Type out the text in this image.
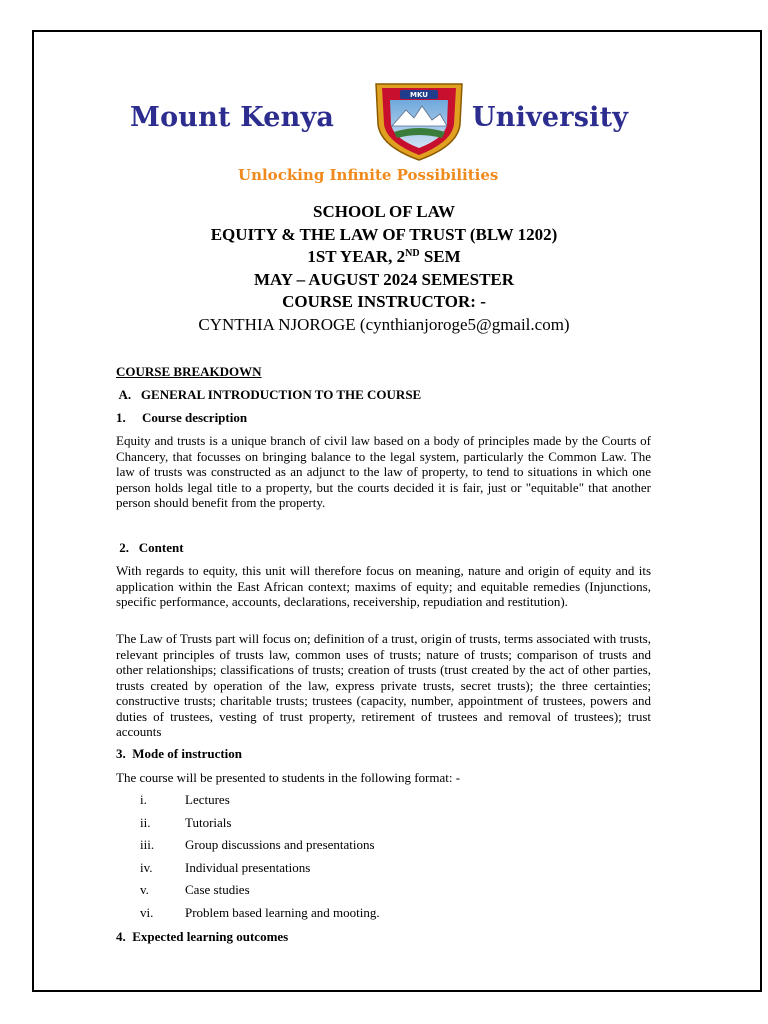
Mount Kenya
MKU
University
Unlocking Infinite Possibilities
SCHOOL OF LAW
EQUITY & THE LAW OF TRUST (BLW 1202)
1ST YEAR, 2ND SEM
MAY – AUGUST 2024 SEMESTER
COURSE INSTRUCTOR: -
CYNTHIA NJOROGE (cynthianjoroge5@gmail.com)
COURSE BREAKDOWN
A.   GENERAL INTRODUCTION TO THE COURSE
1.     Course description
Equity and trusts is a unique branch of civil law based on a body of principles made by the Courts of Chancery, that focusses on bringing balance to the legal system, particularly the Common Law. The law of trusts was constructed as an adjunct to the law of property, to tend to situations in which one person holds legal title to a property, but the courts decided it is fair, just or "equitable" that another person should benefit from the property.
2.   Content
With regards to equity, this unit will therefore focus on meaning, nature and origin of equity and its application within the East African context; maxims of equity; and equitable remedies (Injunctions, specific performance, accounts, declarations, receivership, repudiation and restitution).
The Law of Trusts part will focus on; definition of a trust, origin of trusts, terms associated with trusts, relevant principles of trusts law, common uses of trusts; nature of trusts; comparison of trusts and other relationships; classifications of trusts; creation of trusts (trust created by the act of other parties, trusts created by operation of the law, express private trusts, secret trusts); the three certainties; constructive trusts; charitable trusts; trustees (capacity, number, appointment of trustees, powers and duties of trustees, vesting of trust property, retirement of trustees and removal of trustees); trust accounts
3.  Mode of instruction
The course will be presented to students in the following format: -
i.	Lectures
ii.	Tutorials
iii. Group discussions and presentations
iv. Individual presentations
v.	Case studies
vi. Problem based learning and mooting.
4.  Expected learning outcomes
